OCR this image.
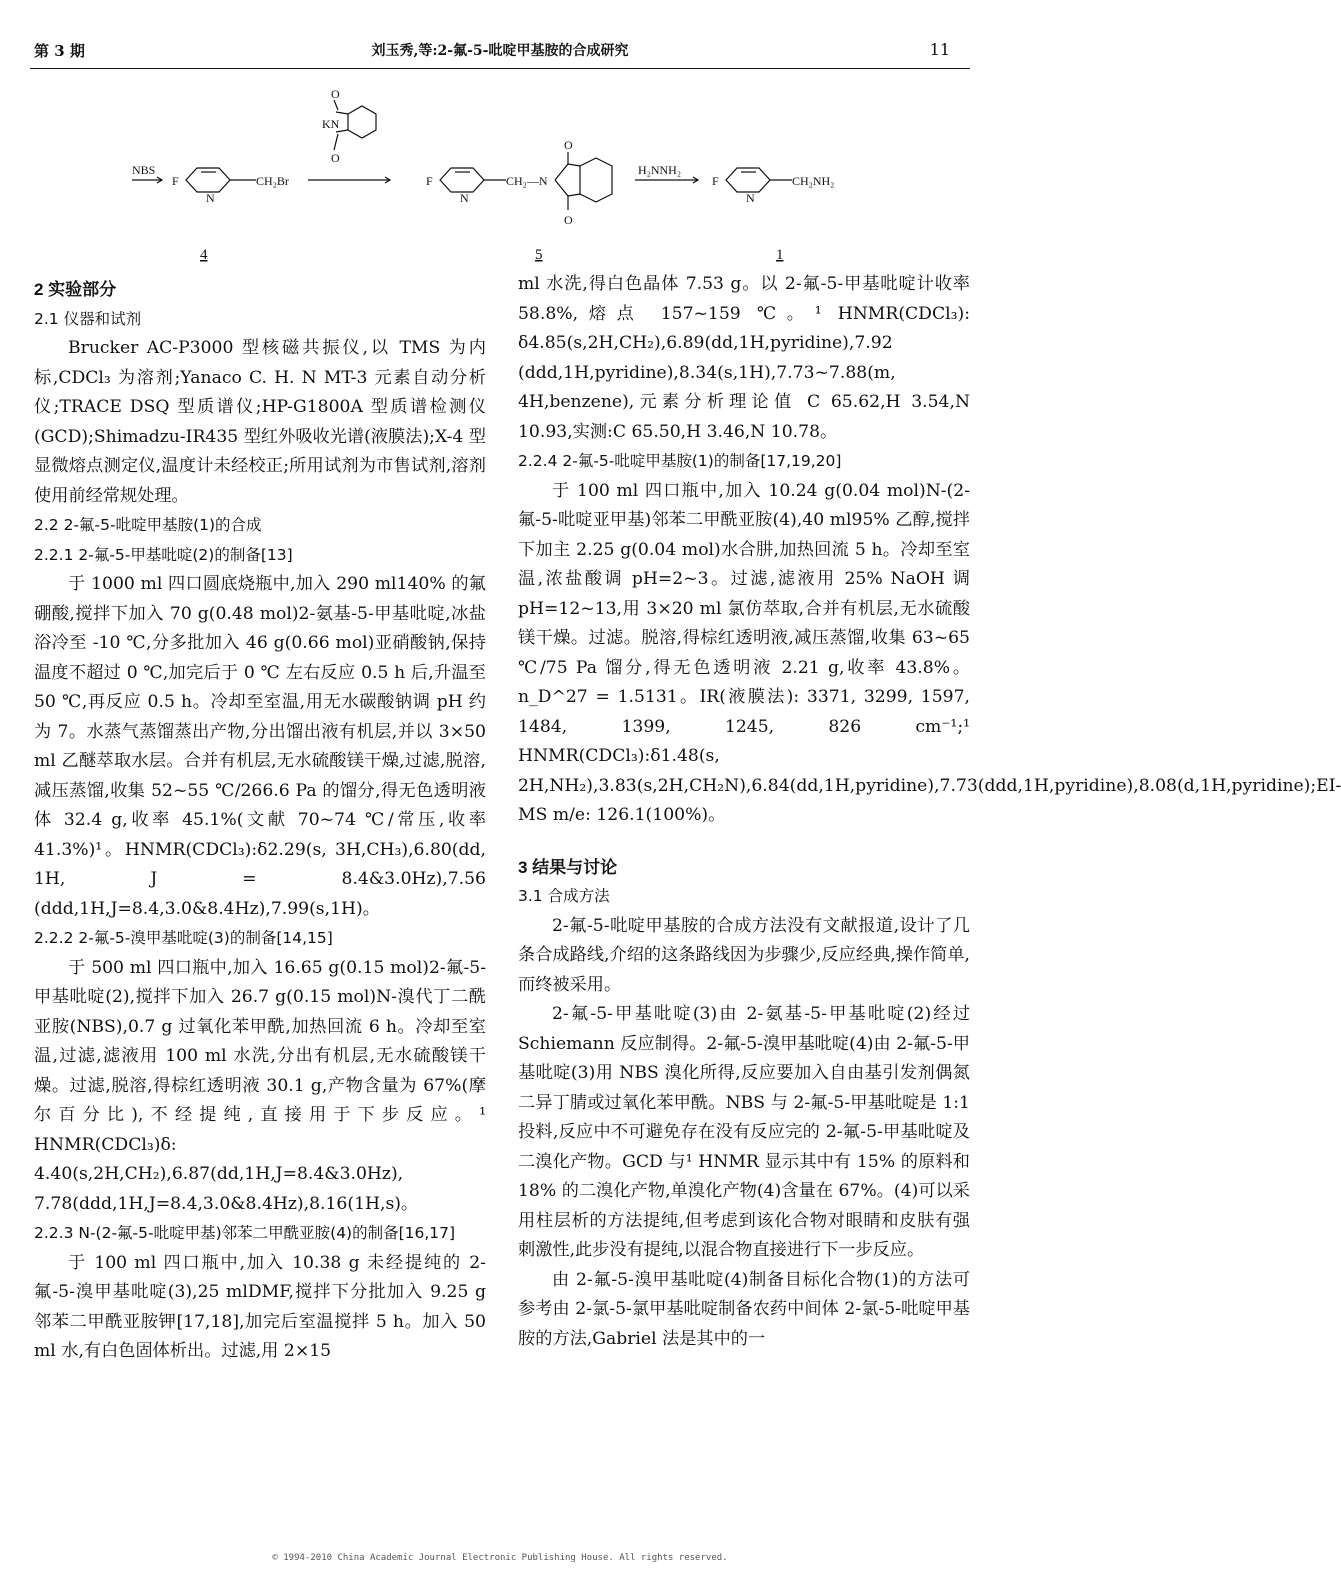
第 3 期	刘玉秀,等:2-氟-5-吡啶甲基胺的合成研究	11
NBS
F	CH₂Br
N
KN
O
O
F	CH₂—N
N
O
O
H₂NNH₂
F	CH₂NH₂
N
4	5	1

2 实验部分

2.1 仪器和试剂

Brucker AC-P3000 型核磁共振仪,以 TMS 为内标,CDCl₃ 为溶剂;Yanaco C. H. N MT-3 元素自动分析仪;TRACE DSQ 型质谱仪;HP-G1800A 型质谱检测仪(GCD);Shimadzu-IR435 型红外吸收光谱(液膜法);X-4 型显微熔点测定仪,温度计未经校正;所用试剂为市售试剂,溶剂使用前经常规处理。

2.2 2-氟-5-吡啶甲基胺(1)的合成

2.2.1 2-氟-5-甲基吡啶(2)的制备[13]

于 1000 ml 四口圆底烧瓶中,加入 290 ml140% 的氟硼酸,搅拌下加入 70 g(0.48 mol)2-氨基-5-甲基吡啶,冰盐浴冷至 -10 ℃,分多批加入 46 g(0.66 mol)亚硝酸钠,保持温度不超过 0 ℃,加完后于 0 ℃ 左右反应 0.5 h 后,升温至 50 ℃,再反应 0.5 h。冷却至室温,用无水碳酸钠调 pH 约为 7。水蒸气蒸馏蒸出产物,分出馏出液有机层,并以 3×50 ml 乙醚萃取水层。合并有机层,无水硫酸镁干燥,过滤,脱溶,减压蒸馏,收集 52~55 ℃/266.6 Pa 的馏分,得无色透明液体 32.4 g,收率 45.1%(文献 70~74 ℃/常压,收率 41.3%)¹。HNMR(CDCl₃):δ2.29(s, 3H,CH₃),6.80(dd, 1H, J = 8.4&3.0Hz),7.56 (ddd,1H,J=8.4,3.0&8.4Hz),7.99(s,1H)。

2.2.2 2-氟-5-溴甲基吡啶(3)的制备[14,15]

于 500 ml 四口瓶中,加入 16.65 g(0.15 mol)2-氟-5-甲基吡啶(2),搅拌下加入 26.7 g(0.15 mol)N-溴代丁二酰亚胺(NBS),0.7 g 过氧化苯甲酰,加热回流 6 h。冷却至室温,过滤,滤液用 100 ml 水洗,分出有机层,无水硫酸镁干燥。过滤,脱溶,得棕红透明液 30.1 g,产物含量为 67%(摩尔百分比),不经提纯,直接用于下步反应。¹ HNMR(CDCl₃)δ: 4.40(s,2H,CH₂),6.87(dd,1H,J=8.4&3.0Hz), 7.78(ddd,1H,J=8.4,3.0&8.4Hz),8.16(1H,s)。

2.2.3 N-(2-氟-5-吡啶甲基)邻苯二甲酰亚胺(4)的制备[16,17]

于 100 ml 四口瓶中,加入 10.38 g 未经提纯的 2-氟-5-溴甲基吡啶(3),25 mlDMF,搅拌下分批加入 9.25 g 邻苯二甲酰亚胺钾[17,18],加完后室温搅拌 5 h。加入 50 ml 水,有白色固体析出。过滤,用 2×15

ml 水洗,得白色晶体 7.53 g。以 2-氟-5-甲基吡啶计收率 58.8%,熔点 157~159 ℃。¹ HNMR(CDCl₃): δ4.85(s,2H,CH₂),6.89(dd,1H,pyridine),7.92 (ddd,1H,pyridine),8.34(s,1H),7.73~7.88(m, 4H,benzene),元素分析理论值 C 65.62,H 3.54,N 10.93,实测:C 65.50,H 3.46,N 10.78。

2.2.4 2-氟-5-吡啶甲基胺(1)的制备[17,19,20]

于 100 ml 四口瓶中,加入 10.24 g(0.04 mol)N-(2-氟-5-吡啶亚甲基)邻苯二甲酰亚胺(4),40 ml95% 乙醇,搅拌下加主 2.25 g(0.04 mol)水合肼,加热回流 5 h。冷却至室温,浓盐酸调 pH=2~3。过滤,滤液用 25% NaOH 调 pH=12~13,用 3×20 ml 氯仿萃取,合并有机层,无水硫酸镁干燥。过滤。脱溶,得棕红透明液,减压蒸馏,收集 63~65 ℃/75 Pa 馏分,得无色透明液 2.21 g,收率 43.8%。n_D^27 = 1.5131。IR(液膜法): 3371, 3299, 1597, 1484, 1399, 1245, 826 cm⁻¹;¹ HNMR(CDCl₃):δ1.48(s, 2H,NH₂),3.83(s,2H,CH₂N),6.84(dd,1H,pyridine),7.73(ddd,1H,pyridine),8.08(d,1H,pyridine);EI-MS m/e: 126.1(100%)。

3 结果与讨论

3.1 合成方法

2-氟-5-吡啶甲基胺的合成方法没有文献报道,设计了几条合成路线,介绍的这条路线因为步骤少,反应经典,操作简单,而终被采用。

2-氟-5-甲基吡啶(3)由 2-氨基-5-甲基吡啶(2)经过 Schiemann 反应制得。2-氟-5-溴甲基吡啶(4)由 2-氟-5-甲基吡啶(3)用 NBS 溴化所得,反应要加入自由基引发剂偶氮二异丁腈或过氧化苯甲酰。NBS 与 2-氟-5-甲基吡啶是 1:1 投料,反应中不可避免存在没有反应完的 2-氟-5-甲基吡啶及二溴化产物。GCD 与¹ HNMR 显示其中有 15% 的原料和 18% 的二溴化产物,单溴化产物(4)含量在 67%。(4)可以采用柱层析的方法提纯,但考虑到该化合物对眼睛和皮肤有强刺激性,此步没有提纯,以混合物直接进行下一步反应。

由 2-氟-5-溴甲基吡啶(4)制备目标化合物(1)的方法可参考由 2-氯-5-氯甲基吡啶制备农药中间体 2-氯-5-吡啶甲基胺的方法,Gabriel 法是其中的一

© 1994-2010 China Academic Journal Electronic Publishing House. All rights reserved.
